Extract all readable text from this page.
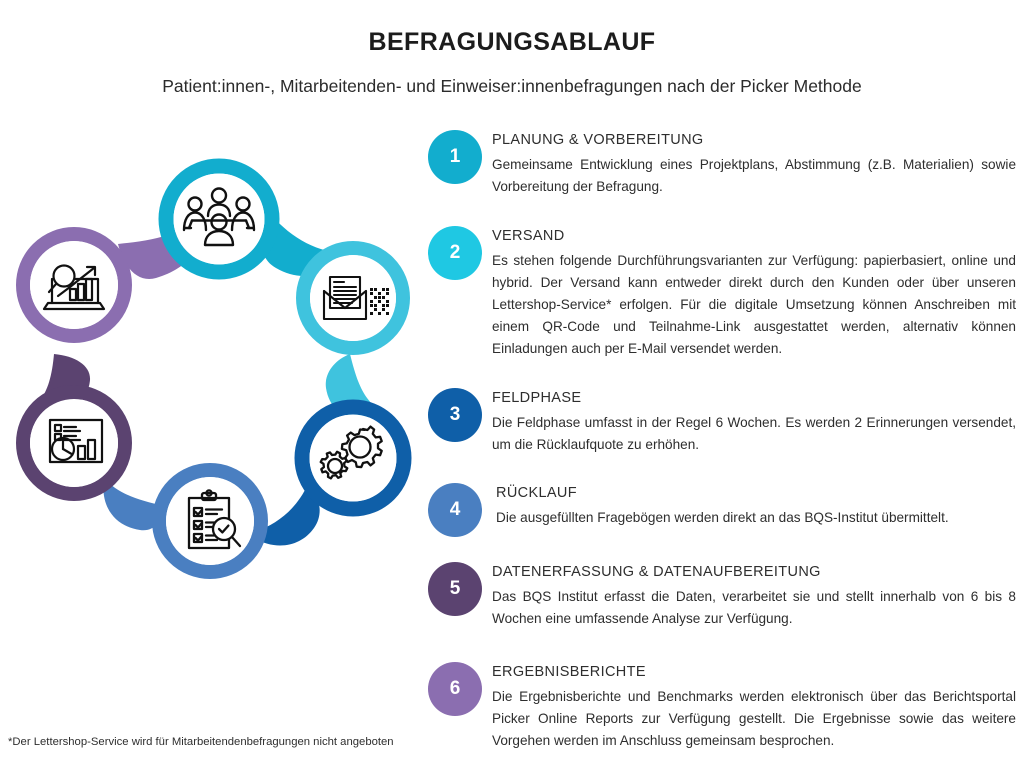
BEFRAGUNGSABLAUF
Patient:innen-, Mitarbeitenden- und Einweiser:innenbefragungen nach der Picker Methode
1
PLANUNG & VORBEREITUNG
Gemeinsame Entwicklung eines Projektplans, Abstimmung (z.B. Materialien) sowie Vorbereitung der Befragung.
2
VERSAND
Es stehen folgende Durchführungsvarianten zur Verfügung: papierbasiert, online und hybrid. Der Versand kann entweder direkt durch den Kunden oder über unseren Lettershop-Service* erfolgen. Für die digitale Umsetzung können Anschreiben mit einem QR-Code und Teilnahme-Link ausgestattet werden, alternativ können Einladungen auch per E-Mail versendet werden.
3
FELDPHASE
Die Feldphase umfasst in der Regel 6 Wochen. Es werden 2 Erinnerungen versendet, um die Rücklaufquote zu erhöhen.
4
RÜCKLAUF
Die ausgefüllten Fragebögen werden direkt an das BQS-Institut übermittelt.
5
DATENERFASSUNG & DATENAUFBEREITUNG
Das BQS Institut erfasst die Daten, verarbeitet sie und stellt innerhalb von 6 bis 8 Wochen eine umfassende Analyse zur Verfügung.
6
ERGEBNISBERICHTE
Die Ergebnisberichte und Benchmarks werden elektronisch über das Berichtsportal Picker Online Reports zur Verfügung gestellt. Die Ergebnisse sowie das weitere Vorgehen werden im Anschluss gemeinsam besprochen.
*Der Lettershop-Service wird für Mitarbeitendenbefragungen nicht angeboten
